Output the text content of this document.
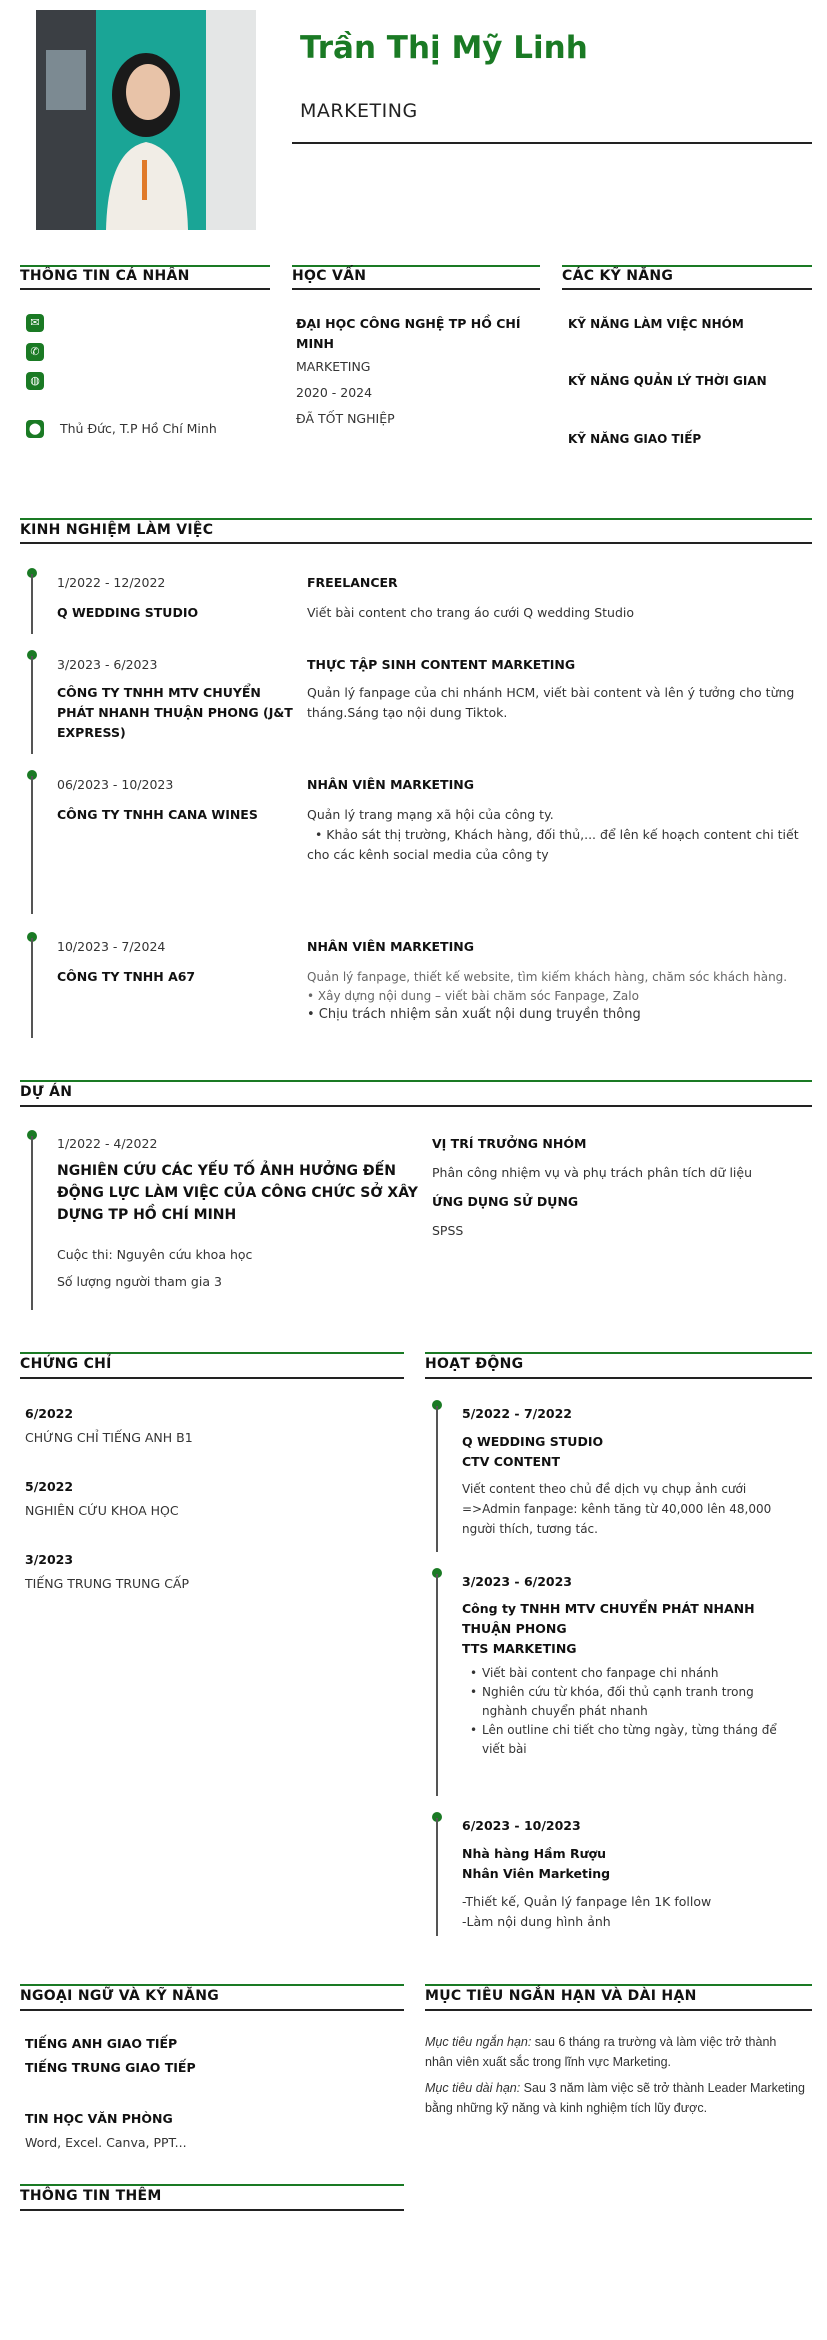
Trần Thị Mỹ Linh
MARKETING
THÔNG TIN CÁ NHÂN
✉
✆
◍
⬤ Thủ Đức, T.P Hồ Chí Minh
HỌC VẤN
ĐẠI HỌC CÔNG NGHỆ TP HỒ CHÍ MINH
MARKETING
2020 - 2024
ĐÃ TỐT NGHIỆP
CÁC KỸ NĂNG
KỸ NĂNG LÀM VIỆC NHÓM
KỸ NĂNG QUẢN LÝ THỜI GIAN
KỸ NĂNG GIAO TIẾP
KINH NGHIỆM LÀM VIỆC
1/2022 - 12/2022
Q WEDDING STUDIO
FREELANCER
Viết bài content cho trang áo cưới Q wedding Studio
3/2023 - 6/2023
CÔNG TY TNHH MTV CHUYỂN PHÁT NHANH THUẬN PHONG (J&T EXPRESS)
THỰC TẬP SINH CONTENT MARKETING
Quản lý fanpage của chi nhánh HCM, viết bài content và lên ý tưởng cho từng tháng.Sáng tạo nội dung Tiktok.
06/2023 - 10/2023
CÔNG TY TNHH CANA WINES
NHÂN VIÊN MARKETING
Quản lý trang mạng xã hội của công ty.
• Khảo sát thị trường, Khách hàng, đối thủ,... để lên kế hoạch content chi tiết cho các kênh social media của công ty
10/2023 - 7/2024
CÔNG TY TNHH A67
NHÂN VIÊN MARKETING
Quản lý fanpage, thiết kế website, tìm kiếm khách hàng, chăm sóc khách hàng.
• Xây dựng nội dung – viết bài chăm sóc Fanpage, Zalo
• Chịu trách nhiệm sản xuất nội dung truyền thông
DỰ ÁN
1/2022 - 4/2022
NGHIÊN CỨU CÁC YẾU TỐ ẢNH HƯỞNG ĐẾN ĐỘNG LỰC LÀM VIỆC CỦA CÔNG CHỨC SỞ XÂY DỰNG TP HỒ CHÍ MINH
Cuộc thi: Nguyên cứu khoa học
Số lượng người tham gia 3
VỊ TRÍ TRƯỞNG NHÓM
Phân công nhiệm vụ và phụ trách phân tích dữ liệu
ỨNG DỤNG SỬ DỤNG
SPSS
CHỨNG CHỈ
6/2022
CHỨNG CHỈ TIẾNG ANH B1
5/2022
NGHIÊN CỨU KHOA HỌC
3/2023
TIẾNG TRUNG TRUNG CẤP
HOẠT ĐỘNG
5/2022 - 7/2022
Q WEDDING STUDIO
CTV CONTENT
Viết content theo chủ đề dịch vụ chụp ảnh cưới =>Admin fanpage: kênh tăng từ 40,000 lên 48,000 người thích, tương tác.
3/2023 - 6/2023
Công ty TNHH MTV CHUYỂN PHÁT NHANH THUẬN PHONG
TTS MARKETING
• Viết bài content cho fanpage chi nhánh
• Nghiên cứu từ khóa, đối thủ cạnh tranh trong nghành chuyển phát nhanh
• Lên outline chi tiết cho từng ngày, từng tháng để viết bài
6/2023 - 10/2023
Nhà hàng Hầm Rượu
Nhân Viên Marketing
-Thiết kế, Quản lý fanpage lên 1K follow
-Làm nội dung hình ảnh
NGOẠI NGỮ VÀ KỸ NĂNG
TIẾNG ANH GIAO TIẾP
TIẾNG TRUNG GIAO TIẾP
TIN HỌC VĂN PHÒNG
Word, Excel. Canva, PPT...
MỤC TIÊU NGẮN HẠN VÀ DÀI HẠN
Mục tiêu ngắn hạn: sau 6 tháng ra trường và làm việc trở thành nhân viên xuất sắc trong lĩnh vực Marketing.
Mục tiêu dài hạn: Sau 3 năm làm việc sẽ trở thành Leader Marketing bằng những kỹ năng và kinh nghiệm tích lũy được.
THÔNG TIN THÊM
